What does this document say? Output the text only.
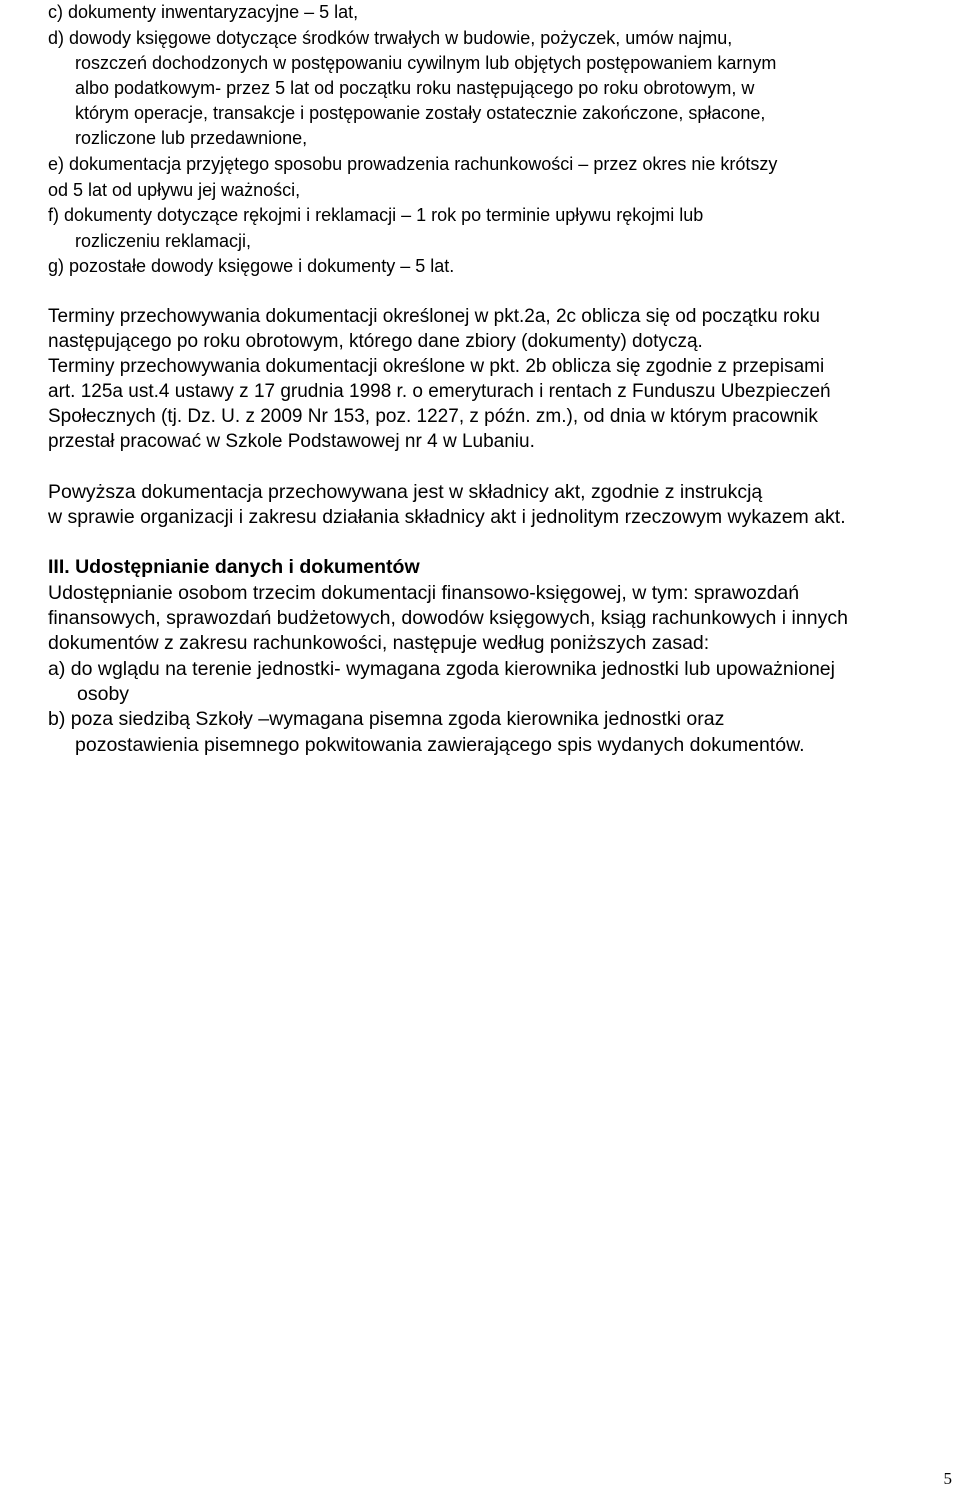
c) dokumenty inwentaryzacyjne – 5 lat,
d) dowody księgowe dotyczące środków trwałych w budowie, pożyczek, umów najmu,
roszczeń dochodzonych w postępowaniu cywilnym lub objętych postępowaniem karnym
albo podatkowym- przez 5 lat od początku roku następującego po roku obrotowym, w
którym operacje, transakcje i postępowanie zostały ostatecznie zakończone, spłacone,
rozliczone lub przedawnione,
e) dokumentacja przyjętego sposobu prowadzenia rachunkowości – przez okres nie krótszy
od 5 lat od upływu jej ważności,
f) dokumenty dotyczące rękojmi i reklamacji – 1 rok po terminie upływu rękojmi lub
rozliczeniu reklamacji,
g) pozostałe dowody księgowe i dokumenty – 5 lat.
Terminy przechowywania dokumentacji określonej w pkt.2a, 2c oblicza się od początku roku
następującego po roku obrotowym, którego dane zbiory (dokumenty) dotyczą.
Terminy przechowywania dokumentacji określone w pkt. 2b oblicza się zgodnie z przepisami
art. 125a ust.4 ustawy z 17 grudnia 1998 r. o emeryturach i rentach z Funduszu Ubezpieczeń
Społecznych (tj. Dz. U. z 2009 Nr 153, poz. 1227, z późn. zm.), od dnia w którym pracownik
przestał pracować w Szkole Podstawowej nr 4 w Lubaniu.
Powyższa dokumentacja przechowywana jest w składnicy akt, zgodnie z instrukcją
w sprawie organizacji i zakresu działania składnicy akt i jednolitym rzeczowym wykazem akt.
III. Udostępnianie danych i dokumentów
Udostępnianie osobom trzecim dokumentacji finansowo-księgowej, w tym: sprawozdań
finansowych, sprawozdań budżetowych, dowodów księgowych, ksiąg rachunkowych i innych
dokumentów z zakresu rachunkowości, następuje według poniższych zasad:
a) do wglądu na terenie jednostki- wymagana zgoda kierownika jednostki lub upoważnionej
osoby
b) poza siedzibą Szkoły –wymagana pisemna zgoda kierownika jednostki oraz
pozostawienia pisemnego pokwitowania zawierającego spis wydanych dokumentów.
5
